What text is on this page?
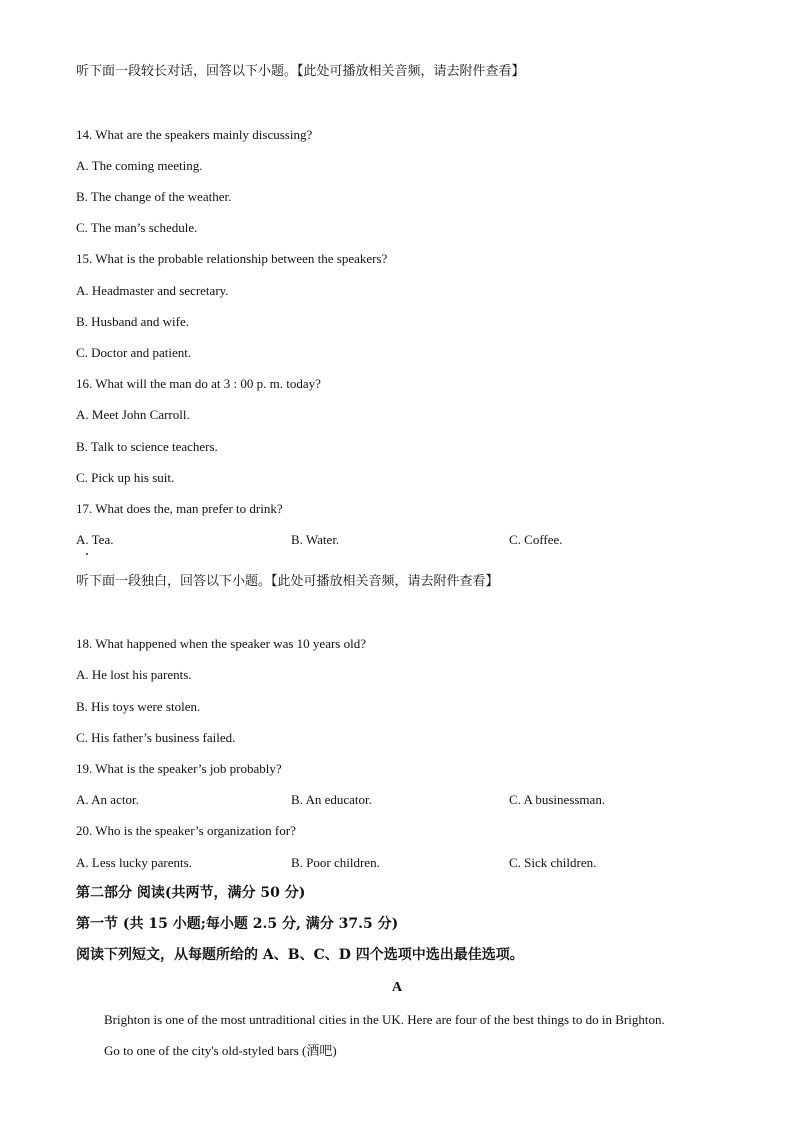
听下面一段较长对话，回答以下小题。【此处可播放相关音频，请去附件查看】
14. What are the speakers mainly discussing?
A. The coming meeting.
B. The change of the weather.
C. The man’s schedule.
15. What is the probable relationship between the speakers?
A. Headmaster and secretary.
B. Husband and wife.
C. Doctor and patient.
16. What will the man do at 3 : 00 p. m. today?
A. Meet John Carroll.
B. Talk to science teachers.
C. Pick up his suit.
17. What does the, man prefer to drink?
A. Tea.	B. Water.	C. Coffee.
听下面一段独白，回答以下小题。【此处可播放相关音频，请去附件查看】
18. What happened when the speaker was 10 years old?
A. He lost his parents.
B. His toys were stolen.
C. His father’s business failed.
19. What is the speaker’s job probably?
A. An actor.	B. An educator.	C. A businessman.
20. Who is the speaker’s organization for?
A. Less lucky parents.	B. Poor children.	C. Sick children.
第二部分 阅读(共两节，满分 50 分)
第一节 (共 15 小题;每小题 2.5 分, 满分 37.5 分)
阅读下列短文，从每题所给的 A、B、C、D 四个选项中选出最佳选项。
A
Brighton is one of the most untraditional cities in the UK. Here are four of the best things to do in Brighton.
Go to one of the city's old-styled bars (酒吧)
